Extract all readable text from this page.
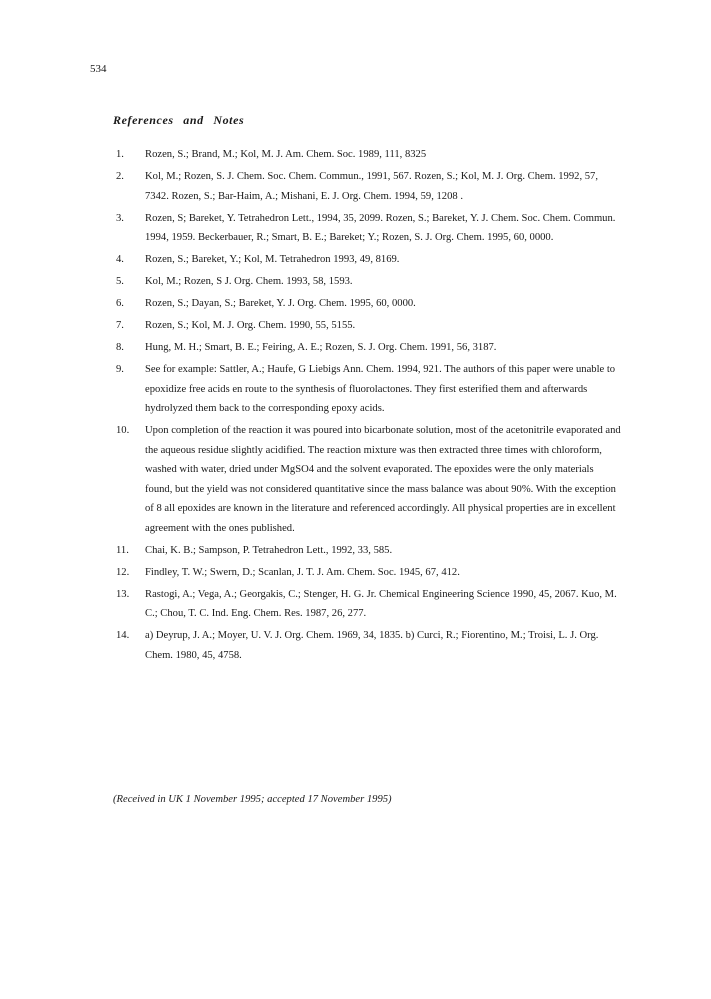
534
References and Notes
1.	Rozen, S.; Brand, M.; Kol, M. J. Am. Chem. Soc. 1989, 111, 8325
2.	Kol, M.; Rozen, S. J. Chem. Soc. Chem. Commun., 1991, 567. Rozen, S.; Kol, M. J. Org. Chem. 1992, 57, 7342. Rozen, S.; Bar-Haim, A.; Mishani, E. J. Org. Chem. 1994, 59, 1208 .
3.	Rozen, S; Bareket, Y. Tetrahedron Lett., 1994, 35, 2099. Rozen, S.; Bareket, Y. J. Chem. Soc. Chem. Commun. 1994, 1959. Beckerbauer, R.; Smart, B. E.; Bareket; Y.; Rozen, S. J. Org. Chem. 1995, 60, 0000.
4.	Rozen, S.; Bareket, Y.; Kol, M. Tetrahedron 1993, 49, 8169.
5.	Kol, M.; Rozen, S J. Org. Chem. 1993, 58, 1593.
6.	Rozen, S.; Dayan, S.; Bareket, Y. J. Org. Chem. 1995, 60, 0000.
7.	Rozen, S.; Kol, M. J. Org. Chem. 1990, 55, 5155.
8.	Hung, M. H.; Smart, B. E.; Feiring, A. E.; Rozen, S. J. Org. Chem. 1991, 56, 3187.
9.	See for example: Sattler, A.; Haufe, G Liebigs Ann. Chem. 1994, 921. The authors of this paper were unable to epoxidize free acids en route to the synthesis of fluorolactones. They first esterified them and afterwards hydrolyzed them back to the corresponding epoxy acids.
10.	Upon completion of the reaction it was poured into bicarbonate solution, most of the acetonitrile evaporated and the aqueous residue slightly acidified. The reaction mixture was then extracted three times with chloroform, washed with water, dried under MgSO4 and the solvent evaporated. The epoxides were the only materials found, but the yield was not considered quantitative since the mass balance was about 90%. With the exception of 8 all epoxides are known in the literature and referenced accordingly. All physical properties are in excellent agreement with the ones published.
11.	Chai, K. B.; Sampson, P. Tetrahedron Lett., 1992, 33, 585.
12.	Findley, T. W.; Swern, D.; Scanlan, J. T. J. Am. Chem. Soc. 1945, 67, 412.
13.	Rastogi, A.; Vega, A.; Georgakis, C.; Stenger, H. G. Jr. Chemical Engineering Science 1990, 45, 2067. Kuo, M. C.; Chou, T. C. Ind. Eng. Chem. Res. 1987, 26, 277.
14.	a) Deyrup, J. A.; Moyer, U. V. J. Org. Chem. 1969, 34, 1835. b) Curci, R.; Fiorentino, M.; Troisi, L. J. Org. Chem. 1980, 45, 4758.
(Received in UK 1 November 1995; accepted 17 November 1995)
